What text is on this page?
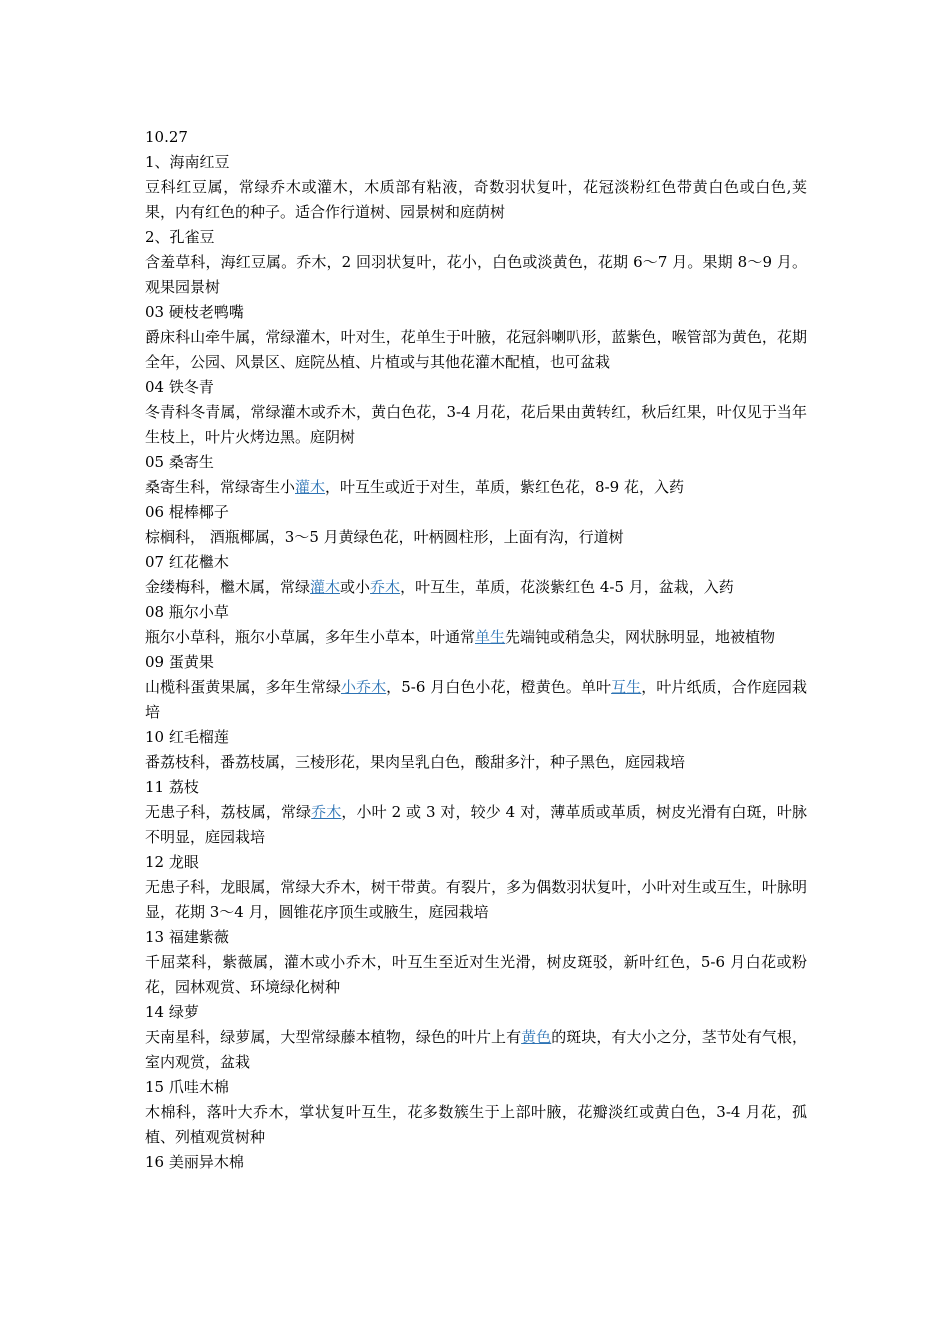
10.27
1、海南红豆
豆科红豆属，常绿乔木或灌木，木质部有粘液，奇数羽状复叶，花冠淡粉红色带黄白色或白色,荚果，内有红色的种子。适合作行道树、园景树和庭荫树
2、孔雀豆
含羞草科，海红豆属。乔木，2 回羽状复叶，花小，白色或淡黄色，花期 6～7 月。果期 8～9 月。观果园景树
03 硬枝老鸭嘴
爵床科山牵牛属，常绿灌木，叶对生，花单生于叶腋，花冠斜喇叭形，蓝紫色，喉管部为黄色，花期全年，公园、风景区、庭院丛植、片植或与其他花灌木配植，也可盆栽
04 铁冬青
冬青科冬青属，常绿灌木或乔木，黄白色花，3-4 月花，花后果由黄转红，秋后红果，叶仅见于当年生枝上，叶片火烤边黑。庭阴树
05 桑寄生
桑寄生科，常绿寄生小灌木，叶互生或近于对生，革质，紫红色花，8-9 花，入药
06 棍棒椰子
棕榈科， 酒瓶椰属，3～5 月黄绿色花，叶柄圆柱形，上面有沟，行道树
07 红花檵木
金缕梅科，檵木属，常绿灌木或小乔木，叶互生，革质，花淡紫红色 4-5 月，盆栽，入药
08 瓶尔小草
瓶尔小草科，瓶尔小草属，多年生小草本，叶通常单生先端钝或稍急尖，网状脉明显，地被植物
09 蛋黄果
山榄科蛋黄果属，多年生常绿小乔木，5-6 月白色小花，橙黄色。单叶互生，叶片纸质，合作庭园栽培
10 红毛榴莲
番荔枝科，番荔枝属，三棱形花，果肉呈乳白色，酸甜多汁，种子黑色，庭园栽培
11 荔枝
无患子科，荔枝属，常绿乔木，小叶 2 或 3 对，较少 4 对，薄革质或革质，树皮光滑有白斑，叶脉不明显，庭园栽培
12 龙眼
无患子科，龙眼属，常绿大乔木，树干带黄。有裂片，多为偶数羽状复叶，小叶对生或互生，叶脉明显，花期 3～4 月，圆锥花序顶生或腋生，庭园栽培
13 福建紫薇
千屈菜科，紫薇属，灌木或小乔木，叶互生至近对生光滑，树皮斑驳，新叶红色，5-6 月白花或粉花，园林观赏、环境绿化树种
14 绿萝
天南星科，绿萝属，大型常绿藤本植物，绿色的叶片上有黄色的斑块，有大小之分，茎节处有气根，室内观赏，盆栽
15 爪哇木棉
木棉科，落叶大乔木，掌状复叶互生，花多数簇生于上部叶腋，花瓣淡红或黄白色，3-4 月花，孤植、列植观赏树种
16 美丽异木棉
